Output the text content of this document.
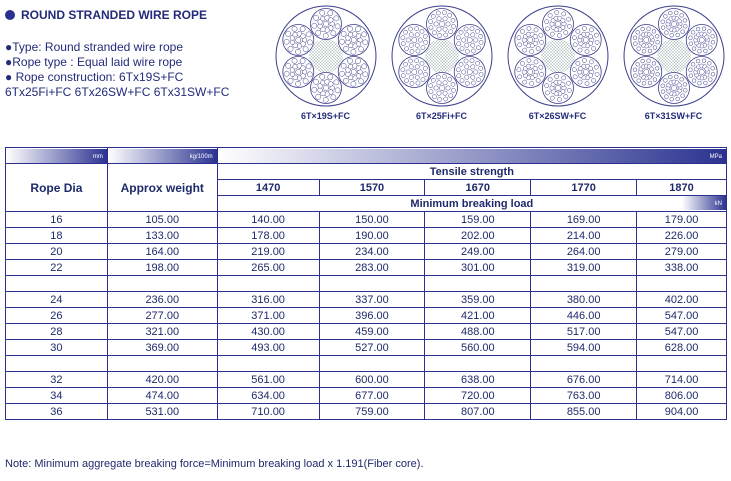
ROUND STRANDED WIRE ROPE
●Type: Round stranded wire rope
●Rope type : Equal laid wire rope
● Rope construction: 6Tx19S+FC
6Tx25Fi+FC 6Tx26SW+FC 6Tx31SW+FC
6T×19S+FC	6T×25Fi+FC	6T×26SW+FC	6T×31SW+FC
mm	kg/100m	MPa				

Rope Dia	Approx weight	Tensile strength				
		1470	1570	1670	1770	1870
		Minimum breaking load kN				

16	105.00	140.00	150.00	159.00	169.00	179.00
18	133.00	178.00	190.00	202.00	214.00	226.00
20	164.00	219.00	234.00	249.00	264.00	279.00
22	198.00	265.00	283.00	301.00	319.00	338.00

24	236.00	316.00	337.00	359.00	380.00	402.00
26	277.00	371.00	396.00	421.00	446.00	547.00
28	321.00	430.00	459.00	488.00	517.00	547.00
30	369.00	493.00	527.00	560.00	594.00	628.00

32	420.00	561.00	600.00	638.00	676.00	714.00
34	474.00	634.00	677.00	720.00	763.00	806.00
36	531.00	710.00	759.00	807.00	855.00	904.00
Note: Minimum aggregate breaking force=Minimum breaking load x 1.191(Fiber core).
